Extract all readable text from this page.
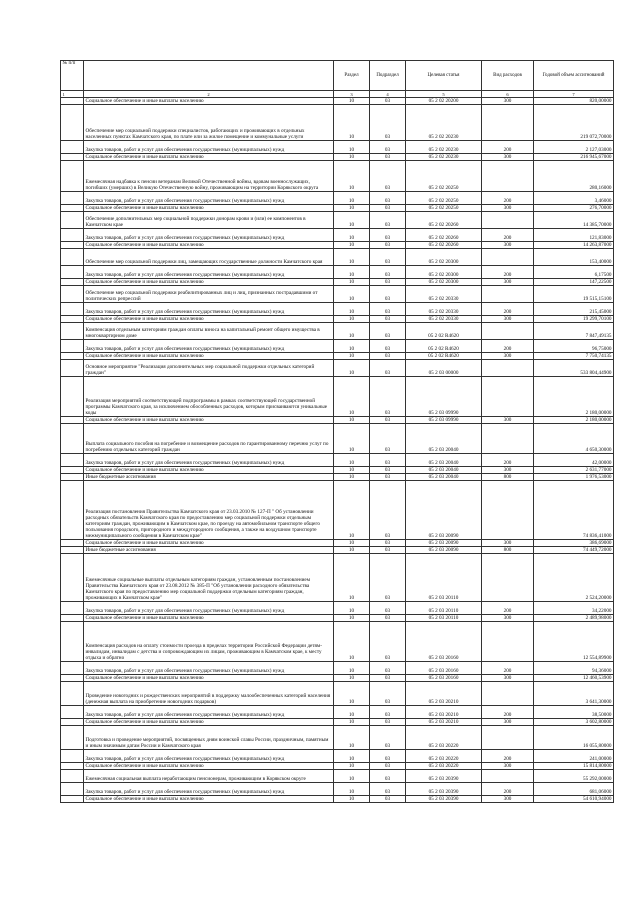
№ п/п		Раздел	Подраздел	Целевая статья	Вид расходов	Годовой объем ассигнований
1	2	3	4	5	6	7
	Социальное обеспечение и иные выплаты населению	10	03	05 2 02 20200	300	820,00000
	Обеспечение мер социальной поддержки специалистов, работающих и проживающих в отдельных населенных пунктах Камчатского края, по плате или за жилое помещение и коммунальные услуги	10	03	05 2 02 20230		219 072,70000
	Закупка товаров, работ и услуг для обеспечения государственных (муниципальных) нужд	10	03	05 2 02 20230	200	2 127,03000
	Социальное обеспечение и иные выплаты населению	10	03	05 2 02 20230	300	216 945,67000
	Ежемесячная надбавка к пенсии ветеранам Великой Отечественной войны, вдовам военнослужащих, погибших (умерших) в Великую Отечественную войну, проживающим на территории Корякского округа	10	03	05 2 02 20250		280,16000
	Закупка товаров, работ и услуг для обеспечения государственных (муниципальных) нужд	10	03	05 2 02 20250	200	3,46000
	Социальное обеспечение и иные выплаты населению	10	03	05 2 02 20250	300	276,70000
	Обеспечение дополнительных мер социальной поддержки донорам крови и (или) ее компонентов в Камчатском крае	10	03	05 2 02 20260		14 385,70000
	Закупка товаров, работ и услуг для обеспечения государственных (муниципальных) нужд	10	03	05 2 02 20260	200	121,83000
	Социальное обеспечение и иные выплаты населению	10	03	05 2 02 20260	300	14 263,87000
	Обеспечение мер социальной поддержки лиц, замещающих государственные должности Камчатского края	10	03	05 2 02 20300		153,40000
	Закупка товаров, работ и услуг для обеспечения государственных (муниципальных) нужд	10	03	05 2 02 20300	200	6,17500
	Социальное обеспечение и иные выплаты населению	10	03	05 2 02 20300	300	147,22500
	Обеспечение мер социальной поддержки реабилитированных лиц и лиц, признанных пострадавшими от политических репрессий	10	03	05 2 02 20330		19 515,15100
	Закупка товаров, работ и услуг для обеспечения государственных (муниципальных) нужд	10	03	05 2 02 20330	200	215,45000
	Социальное обеспечение и иные выплаты населению	10	03	05 2 02 20330	300	19 299,70100
	Компенсация отдельным категориям граждан оплаты взноса на капитальный ремонт общего имущества в многоквартирном доме	10	03	05 2 02 R4620		7 847,49135
	Закупка товаров, работ и услуг для обеспечения государственных (муниципальных) нужд	10	03	05 2 02 R4620	200	96,75000
	Социальное обеспечение и иные выплаты населению	10	03	05 2 02 R4620	300	7 750,74135
	Основное мероприятие "Реализация дополнительных мер социальной поддержки отдельных категорий граждан"	10	03	05 2 03 00000		533 804,44900
	Реализация мероприятий соответствующей подпрограммы в рамках соответствующей государственной программы Камчатского края, за исключением обособленных расходов, которым присваиваются уникальные коды	10	03	05 2 03 09990		2 180,00000
	Социальное обеспечение и иные выплаты населению	10	03	05 2 03 09990	300	2 180,00000
	Выплата социального пособия на погребение и возмещение расходов по гарантированному перечню услуг по погребению отдельных категорий граждан	10	03	05 2 03 20040		4 650,30000
	Закупка товаров, работ и услуг для обеспечения государственных (муниципальных) нужд	10	03	05 2 03 20040	200	42,00000
	Социальное обеспечение и иные выплаты населению	10	03	05 2 03 20040	300	2 631,77000
	Иные бюджетные ассигнования	10	03	05 2 03 20040	800	1 976,53000
	Реализация постановления Правительства Камчатского края от 23.03.2010 № 127-П " Об установлении расходных обязательств Камчатского края по предоставлению мер социальной поддержки отдельным категориям граждан, проживающим в Камчатском крае, по проезду на автомобильном транспорте общего пользования городского, пригородного и междугородного сообщения, а также на воздушном транспорте межмуниципального сообщения в Камчатском крае"	10	03	05 2 03 20090		74 836,41000
	Социальное обеспечение и иные выплаты населению	10	03	05 2 03 20090	300	386,69000
	Иные бюджетные ассигнования	10	03	05 2 03 20090	800	74 449,72000
	Ежемесячные социальные выплаты отдельным категориям граждан, установленным постановлением Правительства Камчатского края от 23.08.2012 № 385-П "Об установлении расходного обязательства Камчатского края по предоставлению мер социальной поддержки отдельным категориям граждан, проживающих в Камчатском крае"	10	03	05 2 03 20110		2 524,20000
	Закупка товаров, работ и услуг для обеспечения государственных (муниципальных) нужд	10	03	05 2 03 20110	200	34,22000
	Социальное обеспечение и иные выплаты населению	10	03	05 2 03 20110	300	2 489,98000
	Компенсация расходов на оплату стоимости проезда в пределах территории Российской Федерации детям-инвалидам, инвалидам с детства и сопровождающим их лицам, проживающим в Камчатском крае, к месту отдыха и обратно	10	03	05 2 03 20160		12 554,89900
	Закупка товаров, работ и услуг для обеспечения государственных (муниципальных) нужд	10	03	05 2 03 20160	200	94,36000
	Социальное обеспечение и иные выплаты населению	10	03	05 2 03 20160	300	12 460,53900
	Проведение новогодних и рождественских мероприятий в поддержку малообеспеченных категорий населения (денежная выплата на приобретение новогодних подарков)	10	03	05 2 03 20210		3 641,30000
	Закупка товаров, работ и услуг для обеспечения государственных (муниципальных) нужд	10	03	05 2 03 20210	200	38,50000
	Социальное обеспечение и иные выплаты населению	10	03	05 2 03 20210	300	3 602,80000
	Подготовка и проведение мероприятий, посвященных дням воинской славы России, праздничным, памятным и иным значимым датам России и Камчатского края	10	03	05 2 03 20220		16 055,80000
	Закупка товаров, работ и услуг для обеспечения государственных (муниципальных) нужд	10	03	05 2 03 20220	200	241,00000
	Социальное обеспечение и иные выплаты населению	10	03	05 2 03 20220	300	15 814,80000
	Ежемесячная социальная выплата неработающим пенсионерам, проживающим в Корякском округе	10	03	05 2 03 20390		55 292,00000
	Закупка товаров, работ и услуг для обеспечения государственных (муниципальных) нужд	10	03	05 2 03 20390	200	681,06000
	Социальное обеспечение и иные выплаты населению	10	03	05 2 03 20390	300	54 610,94000
